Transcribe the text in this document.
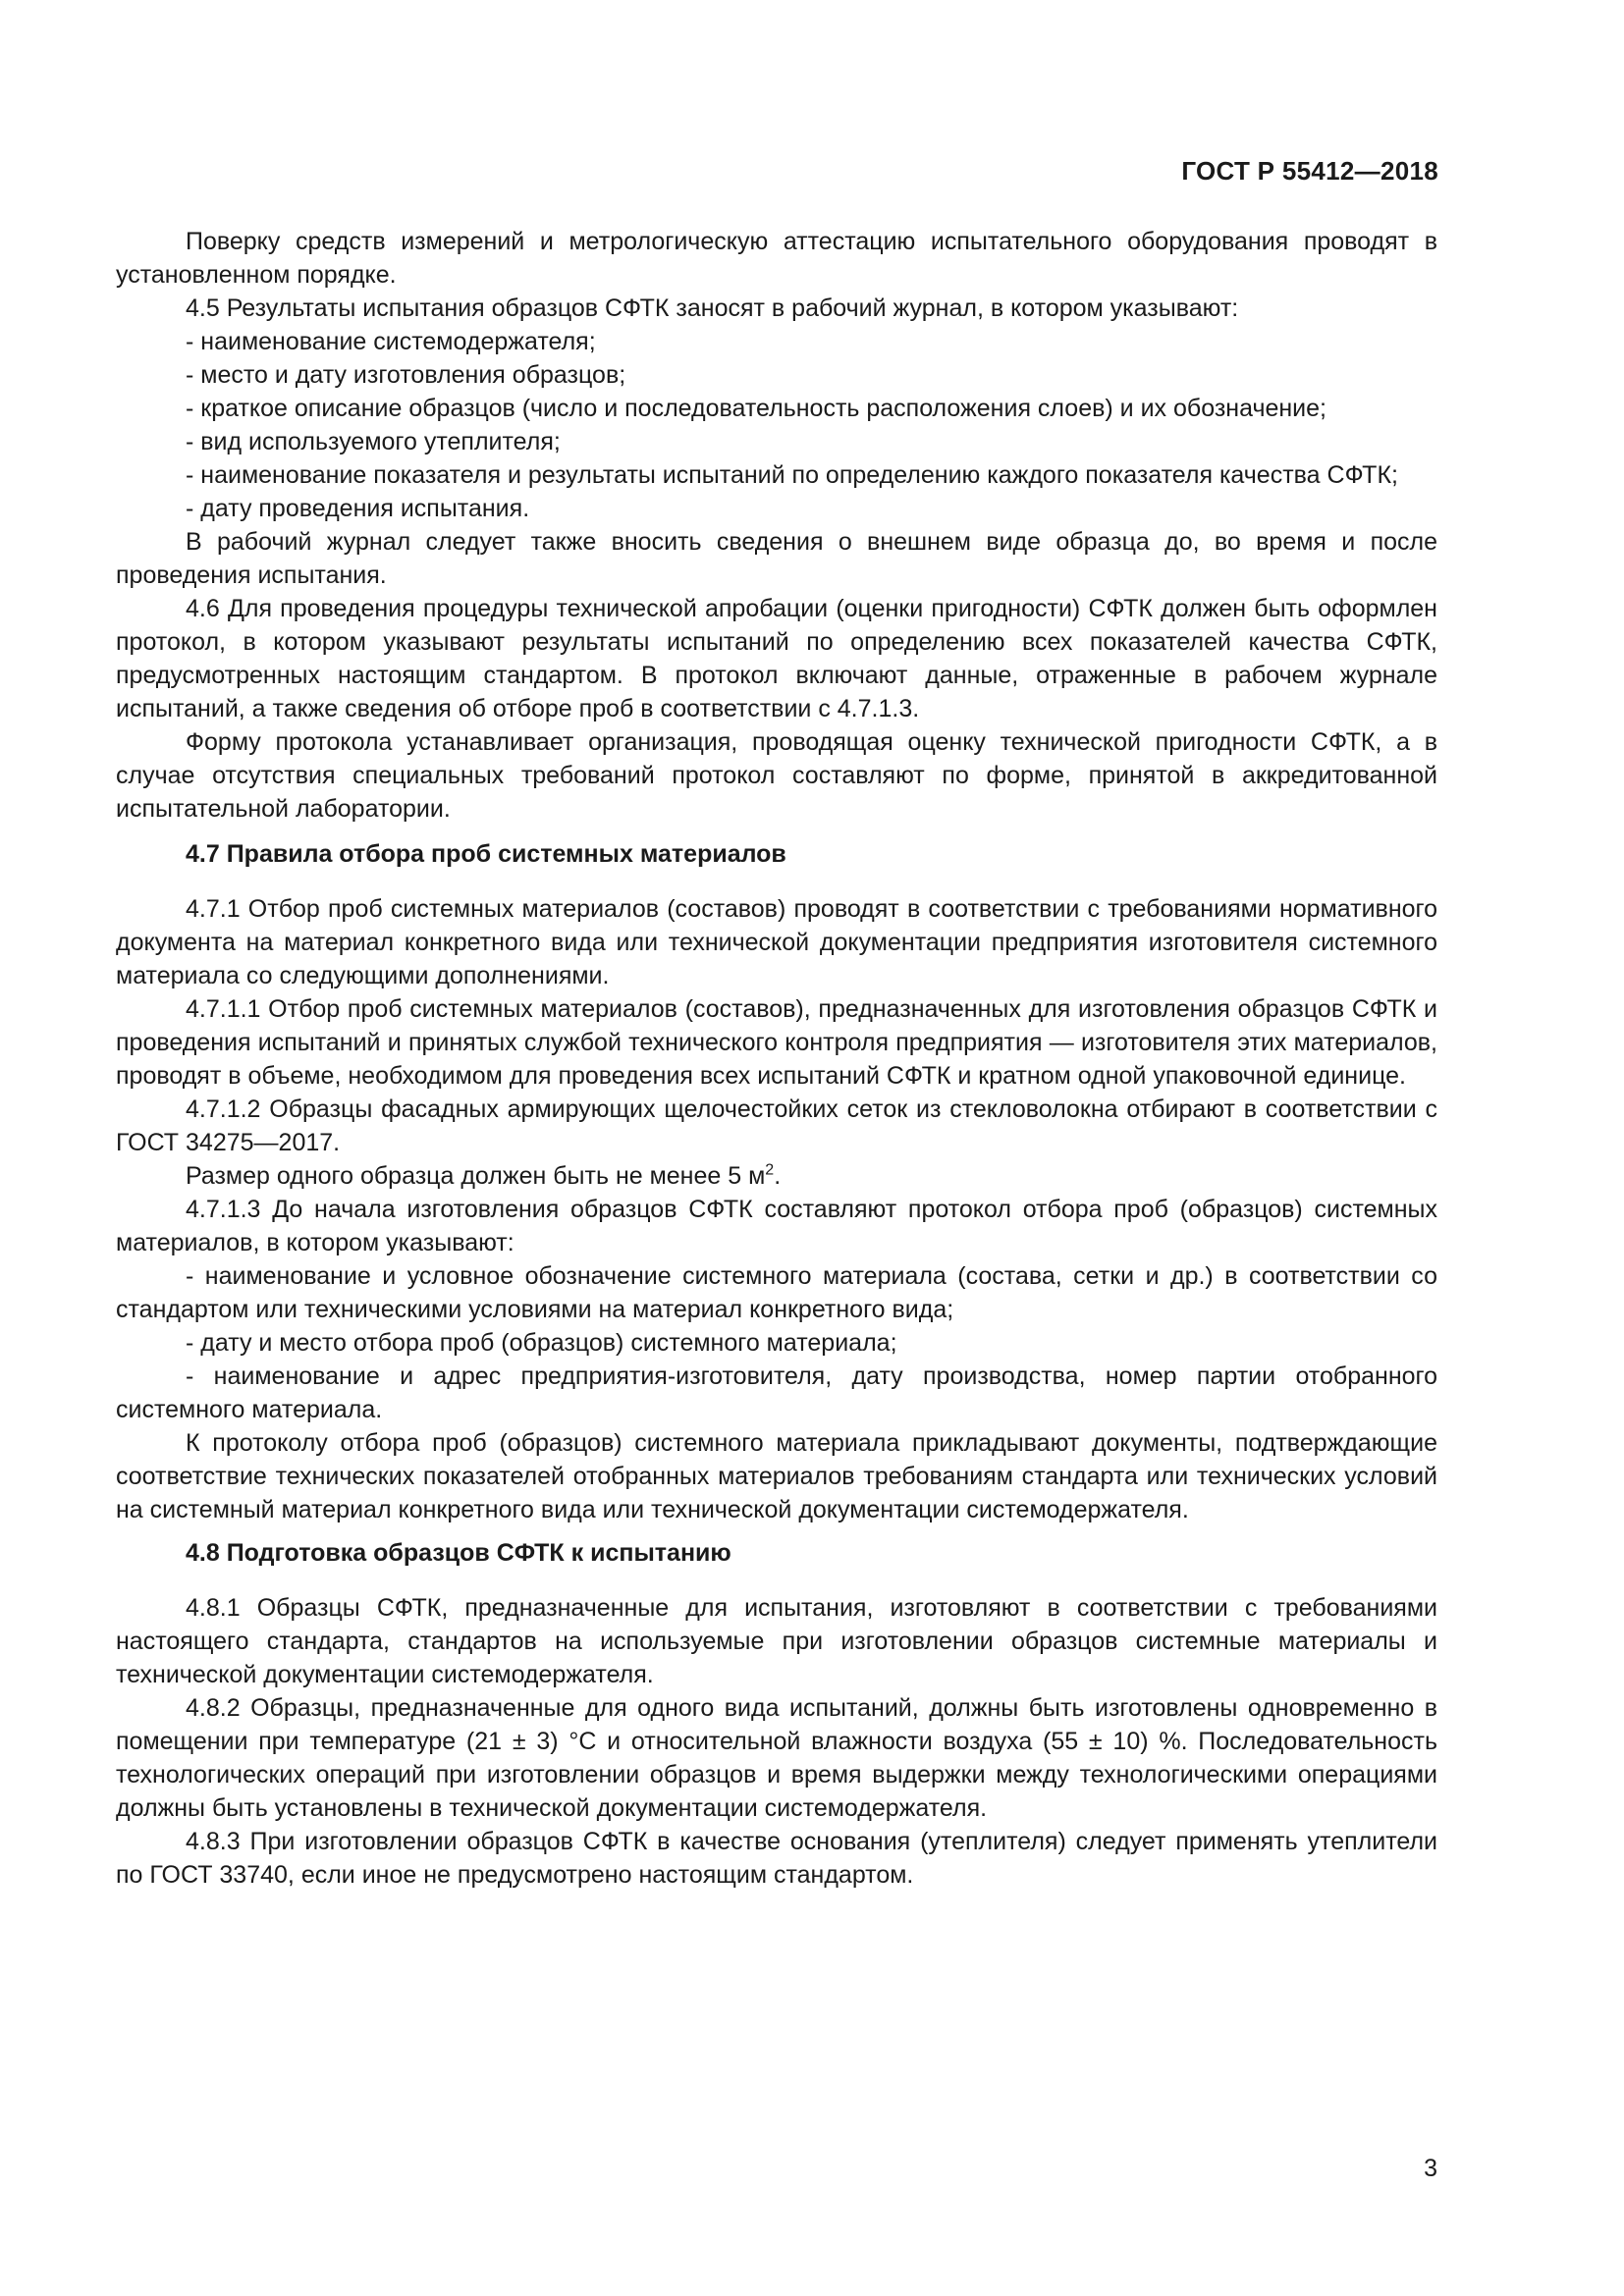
ГОСТ Р 55412—2018

Поверку средств измерений и метрологическую аттестацию испытательного оборудования проводят в установленном порядке.

4.5 Результаты испытания образцов СФТК заносят в рабочий журнал, в котором указывают:

- наименование системодержателя;

- место и дату изготовления образцов;

- краткое описание образцов (число и последовательность расположения слоев) и их обозначение;

- вид используемого утеплителя;

- наименование показателя и результаты испытаний по определению каждого показателя качества СФТК;

- дату проведения испытания.

В рабочий журнал следует также вносить сведения о внешнем виде образца до, во время и после проведения испытания.

4.6 Для проведения процедуры технической апробации (оценки пригодности) СФТК должен быть оформлен протокол, в котором указывают результаты испытаний по определению всех показателей качества СФТК, предусмотренных настоящим стандартом. В протокол включают данные, отраженные в рабочем журнале испытаний, а также сведения об отборе проб в соответствии с 4.7.1.3.

Форму протокола устанавливает организация, проводящая оценку технической пригодности СФТК, а в случае отсутствия специальных требований протокол составляют по форме, принятой в аккредитованной испытательной лаборатории.

4.7 Правила отбора проб системных материалов

4.7.1 Отбор проб системных материалов (составов) проводят в соответствии с требованиями нормативного документа на материал конкретного вида или технической документации предприятия изготовителя системного материала со следующими дополнениями.

4.7.1.1 Отбор проб системных материалов (составов), предназначенных для изготовления образцов СФТК и проведения испытаний и принятых службой технического контроля предприятия — изготовителя этих материалов, проводят в объеме, необходимом для проведения всех испытаний СФТК и кратном одной упаковочной единице.

4.7.1.2 Образцы фасадных армирующих щелочестойких сеток из стекловолокна отбирают в соответствии с ГОСТ 34275—2017.

Размер одного образца должен быть не менее 5 $м^2$.

4.7.1.3 До начала изготовления образцов СФТК составляют протокол отбора проб (образцов) системных материалов, в котором указывают:

- наименование и условное обозначение системного материала (состава, сетки и др.) в соответствии со стандартом или техническими условиями на материал конкретного вида;

- дату и место отбора проб (образцов) системного материала;

- наименование и адрес предприятия-изготовителя, дату производства, номер партии отобранного системного материала.

К протоколу отбора проб (образцов) системного материала прикладывают документы, подтверждающие соответствие технических показателей отобранных материалов требованиям стандарта или технических условий на системный материал конкретного вида или технической документации системодержателя.

4.8 Подготовка образцов СФТК к испытанию

4.8.1 Образцы СФТК, предназначенные для испытания, изготовляют в соответствии с требованиями настоящего стандарта, стандартов на используемые при изготовлении образцов системные материалы и технической документации системодержателя.

4.8.2 Образцы, предназначенные для одного вида испытаний, должны быть изготовлены одновременно в помещении при температуре (21 ± 3) °С и относительной влажности воздуха (55 ± 10) %. Последовательность технологических операций при изготовлении образцов и время выдержки между технологическими операциями должны быть установлены в технической документации системодержателя.

4.8.3 При изготовлении образцов СФТК в качестве основания (утеплителя) следует применять утеплители по ГОСТ 33740, если иное не предусмотрено настоящим стандартом.

3
